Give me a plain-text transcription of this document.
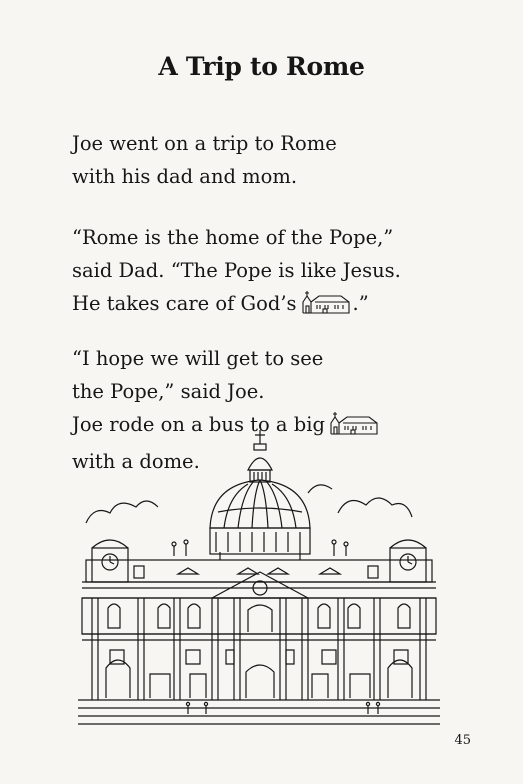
A Trip to Rome
Joe went on a trip to Rome
with his dad and mom.
“Rome is the home of the Pope,”
said Dad. “The Pope is like Jesus.
He takes care of God’s	.”
“I hope we will get to see
the Pope,” said Joe.
Joe rode on a bus to a big
with a dome.
45
